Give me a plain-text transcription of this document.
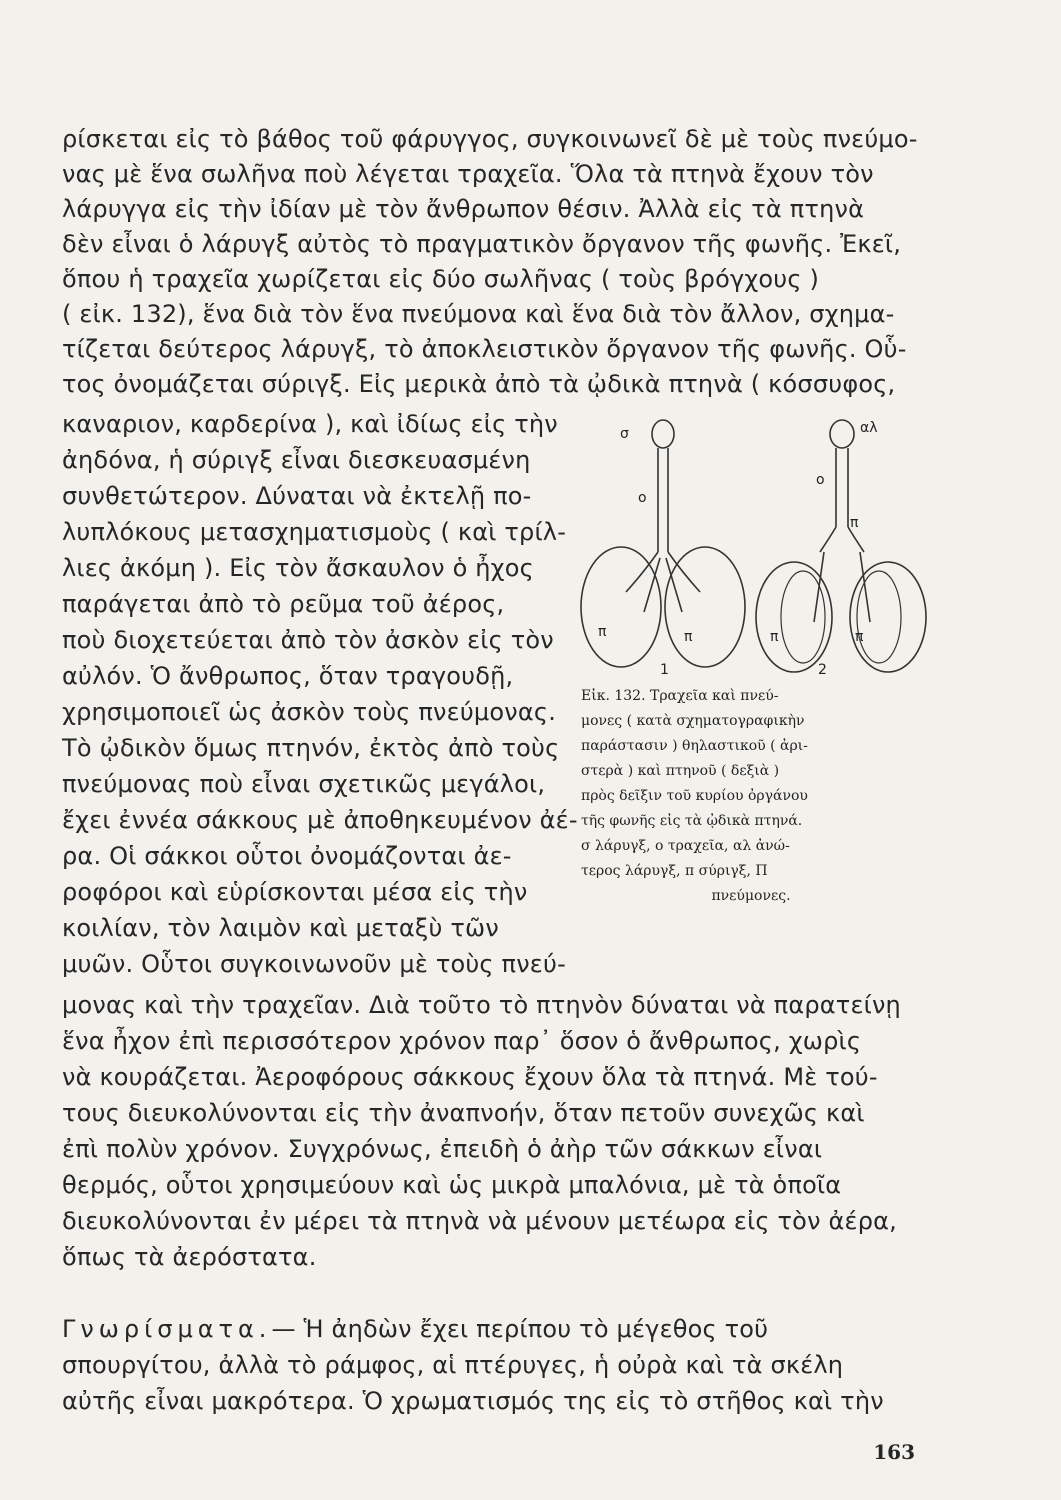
ρίσκεται εἰς τὸ βάθος τοῦ φάρυγγος, συγκοινωνεῖ δὲ μὲ τοὺς πνεύμο-

νας μὲ ἕνα σωλῆνα ποὺ λέγεται τραχεῖα. Ὅλα τὰ πτηνὰ ἔχουν τὸν

λάρυγγα εἰς τὴν ἰδίαν μὲ τὸν ἄνθρωπον θέσιν. Ἀλλὰ εἰς τὰ πτηνὰ

δὲν εἶναι ὁ λάρυγξ αὐτὸς τὸ πραγματικὸν ὄργανον τῆς φωνῆς. Ἐκεῖ,

ὅπου ἡ τραχεῖα χωρίζεται εἰς δύο σωλῆνας ( τοὺς βρόγχους )

( εἰκ. 132), ἕνα διὰ τὸν ἕνα πνεύμονα καὶ ἕνα διὰ τὸν ἄλλον, σχημα-

τίζεται δεύτερος λάρυγξ, τὸ ἀποκλειστικὸν ὄργανον τῆς φωνῆς. Οὗ-

τος ὀνομάζεται σύριγξ. Εἰς μερικὰ ἀπὸ τὰ ᾠδικὰ πτηνὰ ( κόσσυφος,

καναριον, καρδερίνα ), καὶ ἰδίως εἰς τὴν

ἀηδόνα, ἡ σύριγξ εἶναι διεσκευασμένη

συνθετώτερον. Δύναται νὰ ἐκτελῇ πο-

λυπλόκους μετασχηματισμοὺς ( καὶ τρίλ-

λιες ἀκόμη ). Εἰς τὸν ἄσκαυλον ὁ ἦχος

παράγεται ἀπὸ τὸ ρεῦμα τοῦ ἀέρος,

ποὺ διοχετεύεται ἀπὸ τὸν ἀσκὸν εἰς τὸν

αὐλόν. Ὁ ἄνθρωπος, ὅταν τραγουδῇ,

χρησιμοποιεῖ ὡς ἀσκὸν τοὺς πνεύμονας.

Τὸ ᾠδικὸν ὅμως πτηνόν, ἐκτὸς ἀπὸ τοὺς

πνεύμονας ποὺ εἶναι σχετικῶς μεγάλοι,

ἔχει ἐννέα σάκκους μὲ ἀποθηκευμένον ἀέ-

ρα. Οἱ σάκκοι οὗτοι ὀνομάζονται ἀε-

ροφόροι καὶ εὑρίσκονται μέσα εἰς τὴν

κοιλίαν, τὸν λαιμὸν καὶ μεταξὺ τῶν

μυῶν. Οὗτοι συγκοινωνοῦν μὲ τοὺς πνεύ-

σ	αλ
ο
ο
π
π	π	π	π
1	2

Εἰκ. 132. Τραχεῖα καὶ πνεύ-
μονες ( κατὰ σχηματογραφικὴν
παράστασιν ) θηλαστικοῦ ( ἀρι-
στερὰ ) καὶ πτηνοῦ ( δεξιὰ )
πρὸς δεῖξιν τοῦ κυρίου ὀργάνου
τῆς φωνῆς εἰς τὰ ᾠδικὰ πτηνά.
σ λάρυγξ, ο τραχεῖα, αλ ἀνώ-
τερος λάρυγξ, π σύριγξ, Π
πνεύμονες.

μονας καὶ τὴν τραχεῖαν. Διὰ τοῦτο τὸ πτηνὸν δύναται νὰ παρατείνῃ

ἕνα ἦχον ἐπὶ περισσότερον χρόνον παρ᾽ ὅσον ὁ ἄνθρωπος, χωρὶς

νὰ κουράζεται. Ἀεροφόρους σάκκους ἔχουν ὅλα τὰ πτηνά. Μὲ τού-

τους διευκολύνονται εἰς τὴν ἀναπνοήν, ὅταν πετοῦν συνεχῶς καὶ

ἐπὶ πολὺν χρόνον. Συγχρόνως, ἐπειδὴ ὁ ἀὴρ τῶν σάκκων εἶναι

θερμός, οὗτοι χρησιμεύουν καὶ ὡς μικρὰ μπαλόνια, μὲ τὰ ὁποῖα

διευκολύνονται ἐν μέρει τὰ πτηνὰ νὰ μένουν μετέωρα εἰς τὸν ἀέρα,

ὅπως τὰ ἀερόστατα.

Γνωρίσματα.— Ἡ ἀηδὼν ἔχει περίπου τὸ μέγεθος τοῦ

σπουργίτου, ἀλλὰ τὸ ράμφος, αἱ πτέρυγες, ἡ οὐρὰ καὶ τὰ σκέλη

αὐτῆς εἶναι μακρότερα. Ὁ χρωματισμός της εἰς τὸ στῆθος καὶ τὴν

163
